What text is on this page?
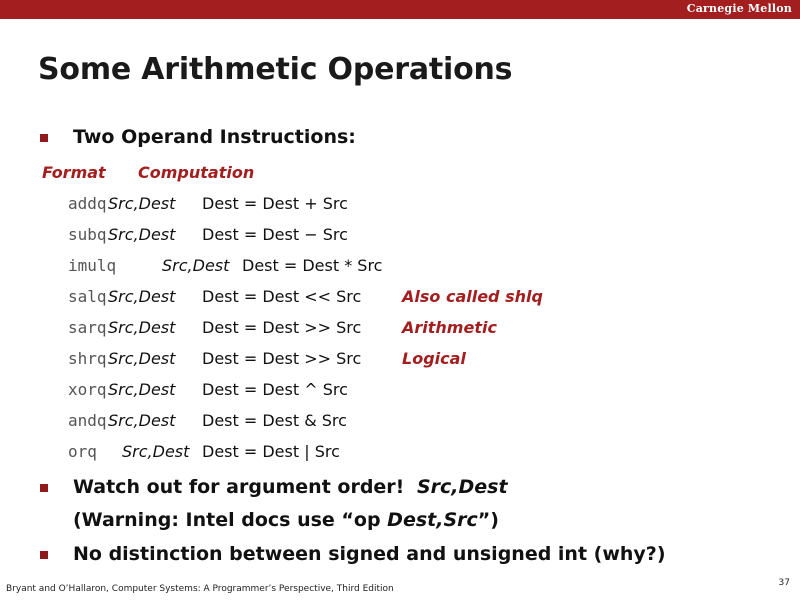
Carnegie Mellon
Some Arithmetic Operations
Two Operand Instructions:
Format Computation
addq Src,Dest Dest = Dest + Src
subq Src,Dest Dest = Dest − Src
imulq	Src,Dest Dest = Dest * Src
salq Src,Dest Dest = Dest << Src	Also called shlq
sarq Src,Dest Dest = Dest >> Src	Arithmetic
shrq Src,Dest Dest = Dest >> Src	Logical
xorq Src,Dest Dest = Dest ^ Src
andq Src,Dest Dest = Dest & Src
orq Src,Dest Dest = Dest | Src
Watch out for argument order! Src,Dest
(Warning: Intel docs use “op Dest,Src”)
No distinction between signed and unsigned int (why?)
Bryant and O’Hallaron, Computer Systems: A Programmer’s Perspective, Third Edition
37
